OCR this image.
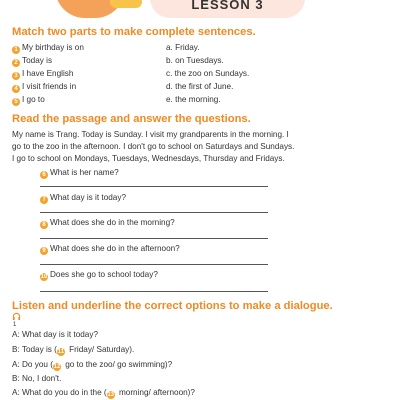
LESSON 3
Match two parts to make complete sentences.
1 My birthday is on
2 Today is
3 I have English
4 I visit friends in
5 I go to
a. Friday.
b. on Tuesdays.
c. the zoo on Sundays.
d. the first of June.
e. the morning.
Read the passage and answer the questions.
My name is Trang. Today is Sunday. I visit my grandparents in the morning. I
go to the zoo in the afternoon. I don't go to school on Saturdays and Sundays.
I go to school on Mondays, Tuesdays, Wednesdays, Thursday and Fridays.
6 What is her name?
7 What day is it today?
8 What does she do in the morning?
9 What does she do in the afternoon?
10 Does she go to school today?
Listen and underline the correct options to make a dialogue.
1
A: What day is it today?
B: Today is (11 Friday/ Saturday).
A: Do you (12 go to the zoo/ go swimming)?
B: No, I don't.
A: What do you do in the (13 morning/ afternoon)?
